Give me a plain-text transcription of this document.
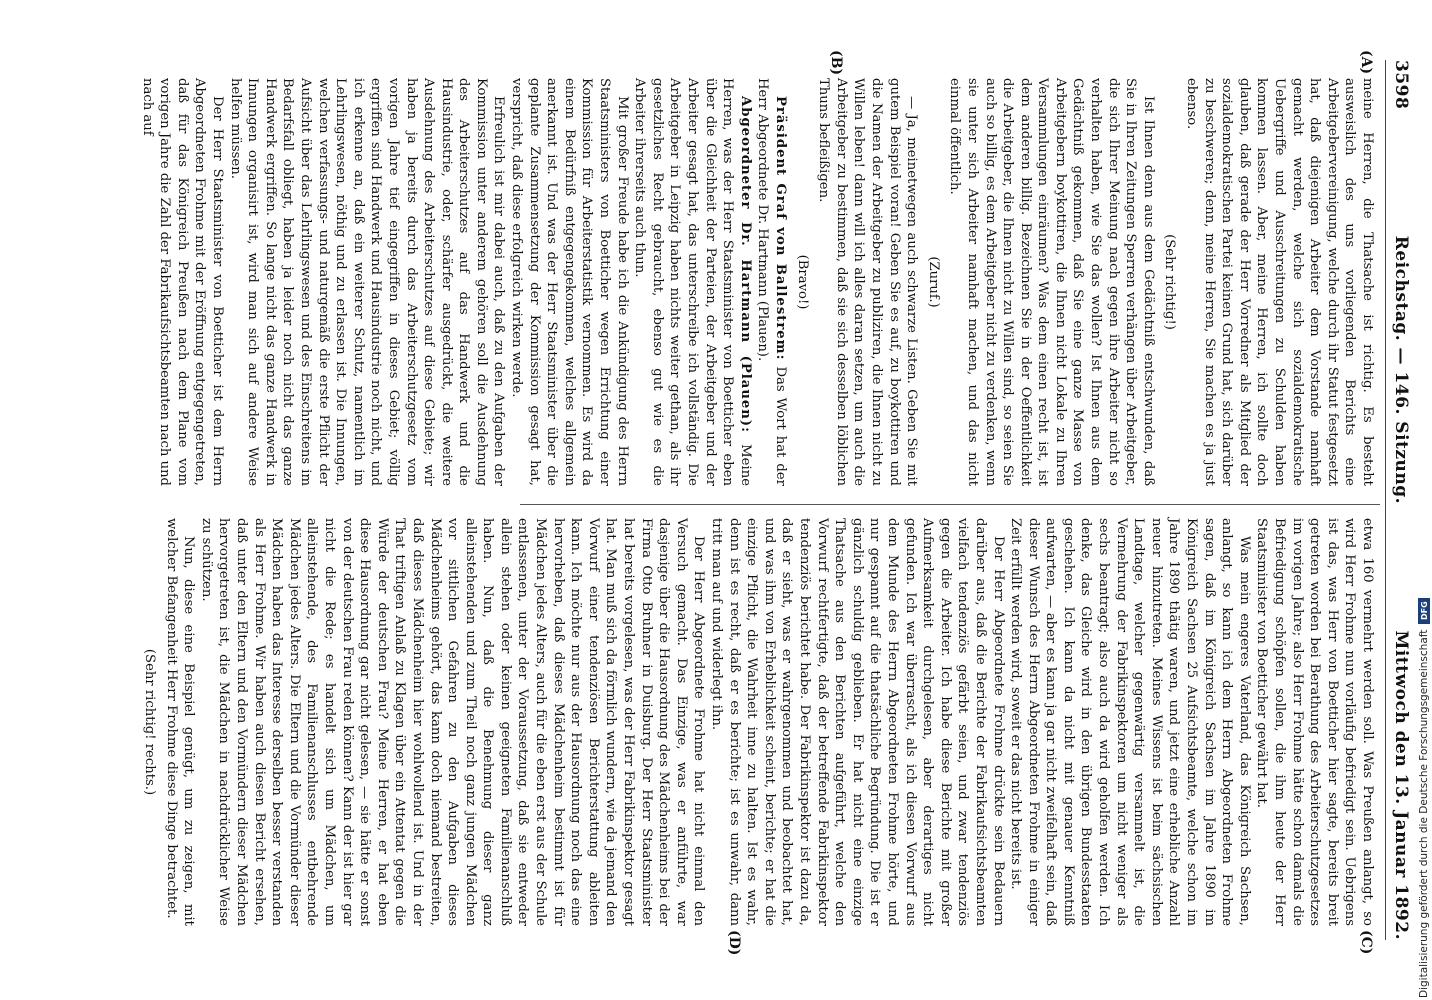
3598
Reichstag. — 146. Sitzung.
Mittwoch den 13. Januar 1892.
(A)
(B)
(C)
(D)

meine Herren, die Thatsache ist richtig. Es besteht ausweislich des uns vorliegenden Berichts eine Arbeitgebervereinigung, welche durch ihr Statut festgesetzt hat, daß diejenigen Arbeiter dem Vorstande namhaft gemacht werden, welche sich sozialdemokratische Uebergriffe und Ausschreitungen zu Schulden haben kommen lassen. Aber, meine Herren, ich sollte doch glauben, daß gerade der Herr Vorredner als Mitglied der sozialdemokratischen Partei keinen Grund hat, sich darüber zu beschweren; denn, meine Herren, Sie machen es ja just ebenso.

(Sehr richtig!)

Ist Ihnen denn aus dem Gedächtniß entschwunden, daß Sie in Ihren Zeitungen Sperren verhängen über Arbeitgeber, die sich Ihrer Meinung nach gegen ihre Arbeiter nicht so verhalten haben, wie Sie das wollen? Ist Ihnen aus dem Gedächtniß gekommen, daß Sie eine ganze Masse von Arbeitgebern boykottiren, die Ihnen nicht Lokale zu Ihren Versammlungen einräumen? Was dem einen recht ist, ist dem anderen billig. Bezeichnen Sie in der Oeffentlichkeit die Arbeitgeber, die Ihnen nicht zu Willen sind, so seien Sie auch so billig, es dem Arbeitgeber nicht zu verdenken, wenn sie unter sich Arbeiter namhaft machen, und das nicht einmal öffentlich.

(Zuruf.)

— Ja, meinetwegen auch schwarze Listen. Geben Sie mit gutem Beispiel voran! Geben Sie es auf, zu boykottiren und die Namen der Arbeitgeber zu publiziren, die Ihnen nicht zu Willen leben! dann will ich alles daran setzen, um auch die Arbeitgeber zu bestimmen, daß sie sich desselben löblichen Thuns befleißigen.

(Bravo!)

Präsident Graf von Ballestrem: Das Wort hat der Herr Abgeordnete Dr. Hartmann (Plauen).

Abgeordneter Dr. Hartmann (Plauen): Meine Herren, was der Herr Staatsminister von Boetticher eben über die Gleichheit der Parteien, der Arbeitgeber und der Arbeiter gesagt hat, das unterschreibe ich vollständig. Die Arbeitgeber in Leipzig haben nichts weiter gethan, als ihr gesetzliches Recht gebraucht, ebenso gut wie es die Arbeiter ihrerseits auch thun.

Mit großer Freude habe ich die Ankündigung des Herrn Staatsministers von Boetticher wegen Errichtung einer Kommission für Arbeiterstatistik vernommen. Es wird da einem Bedürfniß entgegengekommen, welches allgemein anerkannt ist. Und was der Herr Staatsminister über die geplante Zusammensetzung der Kommission gesagt hat, verspricht, daß diese erfolgreich wirken werde.

Erfreulich ist mir dabei auch, daß zu den Aufgaben der Kommission unter anderem gehören soll die Ausdehnung des Arbeiterschutzes auf das Handwerk und die Hausindustrie, oder, schärfer ausgedrückt, die weitere Ausdehnung des Arbeiterschutzes auf diese Gebiete; wir haben ja bereits durch das Arbeiterschutzgesetz vom vorigen Jahre tief eingegriffen in dieses Gebiet; völlig ergriffen sind Handwerk und Hausindustrie noch nicht, und ich erkenne an, daß ein weiterer Schutz, namentlich im Lehrlingswesen, nöthig und zu erlassen ist. Die Innungen, welchen verfassungs- und naturgemäß die erste Pflicht der Aufsicht über das Lehrlingswesen und des Einschreitens im Bedarfsfall obliegt, haben ja leider noch nicht das ganze Handwerk ergriffen. So lange nicht das ganze Handwerk in Innungen organisirt ist, wird man sich auf andere Weise helfen müssen.

Der Herr Staatsminister von Boetticher ist dem Herrn Abgeordneten Frohme mit der Eröffnung entgegengetreten, daß für das Königreich Preußen nach dem Plane vom vorigen Jahre die Zahl der Fabrikaufsichtsbeamten nach und nach auf

etwa 160 vermehrt werden soll. Was Preußen anlangt, so wird Herr Frohme nun vorläufig befriedigt sein. Uebrigens ist das, was Herr von Boetticher hier sagte, bereits breit getreten worden bei Berathung des Arbeiterschutzgesetzes im vorigen Jahre; also Herr Frohme hätte schon damals die Befriedigung schöpfen sollen, die ihm heute der Herr Staatsminister von Boetticher gewährt hat.

Was mein engeres Vaterland, das Königreich Sachsen, anlangt, so kann ich dem Herrn Abgeordneten Frohme sagen, daß im Königreich Sachsen im Jahre 1890 im Königreich Sachsen 25 Aufsichtsbeamte, welche schon im Jahre 1890 thätig waren, und jetzt eine erhebliche Anzahl neuer hinzutreten. Meines Wissens ist beim sächsischen Landtage, welcher gegenwärtig versammelt ist, die Vermehrung der Fabrikinspektoren um nicht weniger als sechs beantragt; also auch da wird geholfen werden. Ich denke, das Gleiche wird in den übrigen Bundesstaaten geschehen. Ich kann da nicht mit genauer Kenntniß aufwarten, — aber es kann ja gar nicht zweifelhaft sein, daß dieser Wunsch des Herrn Abgeordneten Frohme in einiger Zeit erfüllt werden wird, soweit er das nicht bereits ist.

Der Herr Abgeordnete Frohme drückte sein Bedauern darüber aus, daß die Berichte der Fabrikaufsichtsbeamten vielfach tendenziös gefärbt seien, und zwar tendenziös gegen die Arbeiter. Ich habe diese Berichte mit großer Aufmerksamkeit durchgelesen, aber derartiges nicht gefunden. Ich war überrascht, als ich diesen Vorwurf aus dem Munde des Herrn Abgeordneten Frohme hörte, und nur gespannt auf die thatsächliche Begründung. Die ist er gänzlich schuldig geblieben. Er hat nicht eine einzige Thatsache aus den Berichten aufgeführt, welche den Vorwurf rechtfertigte, daß der betreffende Fabrikinspektor tendenziös berichtet habe. Der Fabrikinspektor ist dazu da, daß er sieht, was er wahrgenommen und beobachtet hat, und was ihm von Erheblichkeit scheint, berichte; er hat die einzige Pflicht, die Wahrheit inne zu halten. Ist es wahr, denn ist es recht, daß er es berichte; ist es unwahr, dann tritt man auf und widerlegt ihn.

Der Herr Abgeordnete Frohme hat nicht einmal den Versuch gemacht. Das Einzige, was er anführte, war dasjenige über die Hausordnung des Mädchenheims bei der Firma Otto Bruhner in Duisburg. Der Herr Staatsminister hat bereits vorgelesen, was der Herr Fabrikinspektor gesagt hat. Man muß sich da förmlich wundern, wie da jemand den Vorwurf einer tendenziösen Berichterstattung ableiten kann. Ich möchte nur aus der Hausordnung noch das eine hervorheben, daß dieses Mädchenheim bestimmt ist für Mädchen jedes Alters, auch für die eben erst aus der Schule entlassenen, unter der Voraussetzung, daß sie entweder allein stehen oder keinen geeigneten Familienanschluß haben. Nun, daß die Benehmung dieser ganz alleinstehenden und zum Theil noch ganz jungen Mädchen vor sittlichen Gefahren zu den Aufgaben dieses Mädchenheims gehört, das kann doch niemand bestreiten, daß dieses Mädchenheim hier wohlwollend ist. Und in der That triftigen Anlaß zu Klagen über ein Attentat gegen die Würde der deutschen Frau? Meine Herren, er hat eben diese Hausordnung gar nicht gelesen, — sie hätte er sonst von der deutschen Frau reden können? Kann der ist hier gar nicht die Rede; es handelt sich um Mädchen, um alleinstehende, des Familienanschlusses entbehrende Mädchen jedes Alters. Die Eltern und die Vormünder dieser Mädchen haben das Interesse derselben besser verstanden als Herr Frohme. Wir haben auch diesen Bericht ersehen, daß unter den Eltern und den Vormündern dieser Mädchen hervorgetreten ist, die Mädchen in nachdrücklicher Weise zu schützen.

Nun, diese eine Beispiel genügt, um zu zeigen, mit welcher Befangenheit Herr Frohme diese Dinge betrachtet.

(Sehr richtig! rechts.)	Digitalisierung gefördert durch die Deutsche Forschungsgemeinschaft
DFG
